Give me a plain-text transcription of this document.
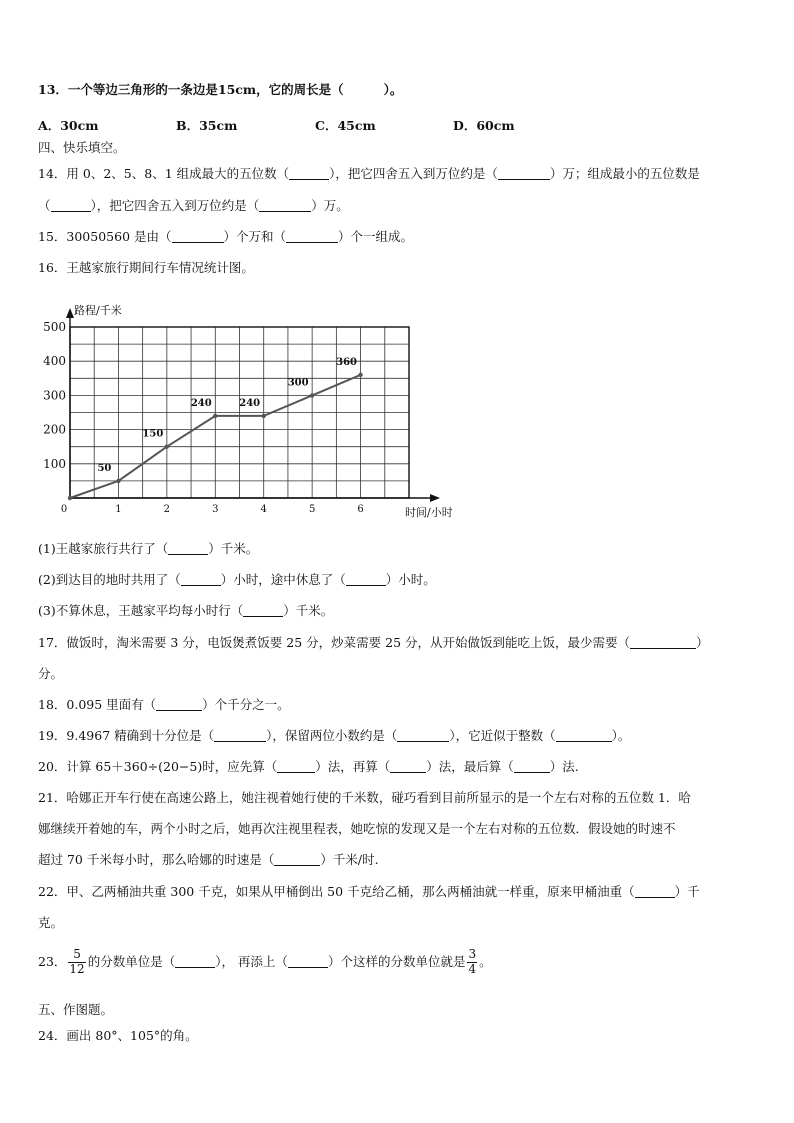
13．一个等边三角形的一条边是15cm，它的周长是（	）。
A．30cm	B．35cm	C．45cm	D．60cm
四、快乐填空。
14．用 0、2、5、8、1 组成最大的五位数（	），把它四舍五入到万位约是（	）万；组成最小的五位数是
（	），把它四舍五入到万位约是（	）万。
15．30050560 是由（	）个万和（	）个一组成。
16．王越家旅行期间行车情况统计图。
0	1	2	3	4	5	6
100
200
300
400
500
50
150
240	240
300
360
路程/千米
时间/小时
(1)王越家旅行共行了（	）千米。
(2)到达目的地时共用了（	）小时，途中休息了（	）小时。
(3)不算休息，王越家平均每小时行（	）千米。
17．做饭时，淘米需要 3 分，电饭煲煮饭要 25 分，炒菜需要 25 分，从开始做饭到能吃上饭，最少需要（	）
分。
18．0.095 里面有（	）个千分之一。
19．9.4967 精确到十分位是（	），保留两位小数约是（	），它近似于整数（	）。
20．计算 65＋360÷(20−5)时，应先算（	）法，再算（	）法，最后算（	）法.
21．哈娜正开车行使在高速公路上，她注视着她行使的千米数，碰巧看到目前所显示的是一个左右对称的五位数 1．哈
娜继续开着她的车，两个小时之后，她再次注视里程表，她吃惊的发现又是一个左右对称的五位数．假设她的时速不
超过 70 千米每小时，那么哈娜的时速是（	）千米/时.
22．甲、乙两桶油共重 300 千克，如果从甲桶倒出 50 千克给乙桶，那么两桶油就一样重，原来甲桶油重（	）千
克。
23． $\frac{5}{12}$ 的分数单位是（	）， 再添上（	）个这样的分数单位就是 $\frac{3}{4}$ 。
五、作图题。
24．画出 80°、105°的角。
